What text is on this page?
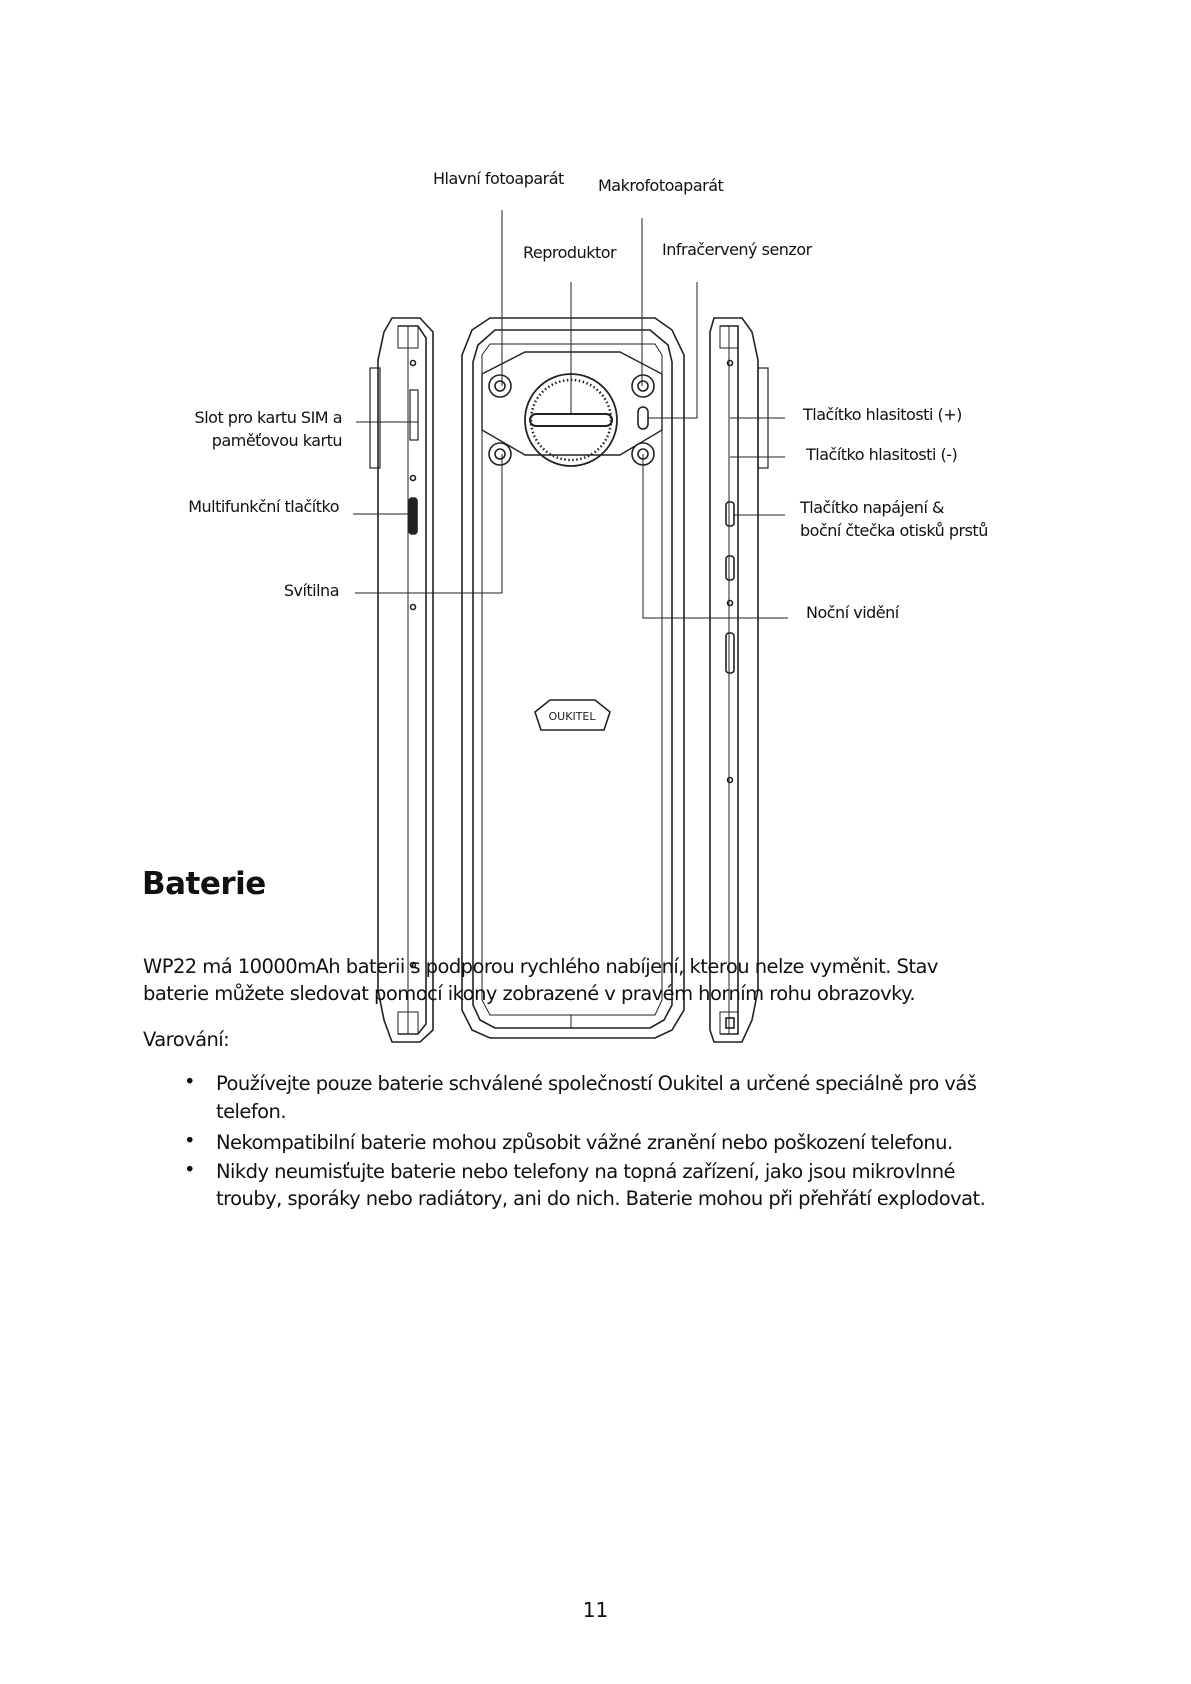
OUKITEL
Hlavní fotoaparát Makrofotoaparát
Reproduktor	Infračervený senzor
Slot pro kartu SIM a
paměťovou kartu
Multifunkční tlačítko
Svítilna
Tlačítko hlasitosti (+)
Tlačítko hlasitosti (-)
Tlačítko napájení &
boční čtečka otisků prstů
Noční vidění
Baterie
WP22 má 10000mAh baterii s podporou rychlého nabíjení, kterou nelze vyměnit. Stav
baterie můžete sledovat pomocí ikony zobrazené v pravém horním rohu obrazovky.
Varování:
• Používejte pouze baterie schválené společností Oukitel a určené speciálně pro váš
telefon.
• Nekompatibilní baterie mohou způsobit vážné zranění nebo poškození telefonu.
• Nikdy neumisťujte baterie nebo telefony na topná zařízení, jako jsou mikrovlnné
trouby, sporáky nebo radiátory, ani do nich. Baterie mohou při přehřátí explodovat.
11
